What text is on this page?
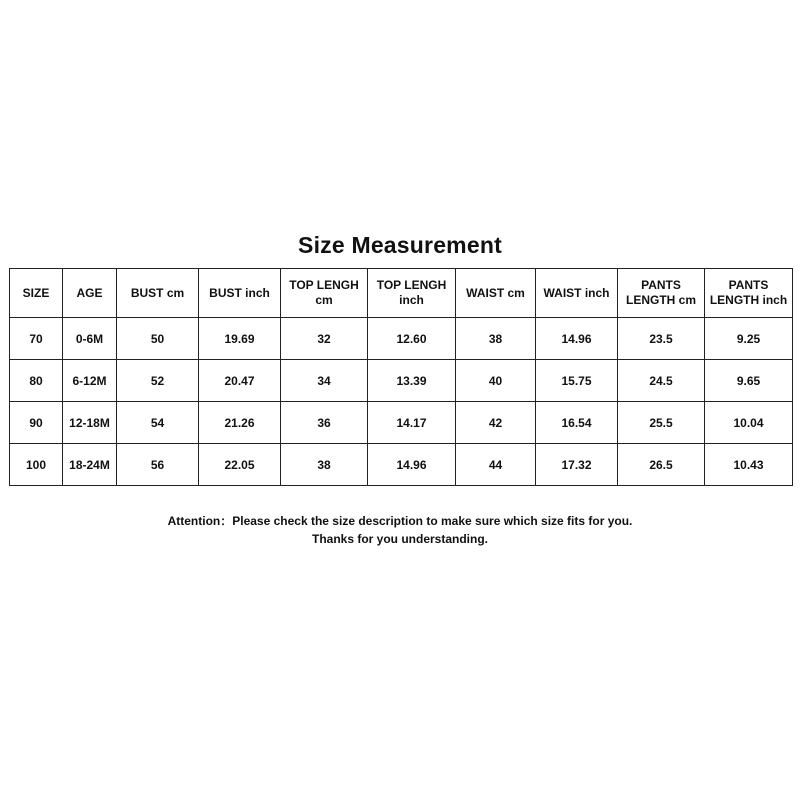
Size Measurement
SIZE	AGE	BUST cm	BUST inch	TOP LENGH cm	TOP LENGH inch	WAIST cm	WAIST inch	PANTS LENGTH cm	PANTS LENGTH inch
70	0-6M	50	19.69	32	12.60	38	14.96	23.5	9.25
80	6-12M	52	20.47	34	13.39	40	15.75	24.5	9.65
90	12-18M	54	21.26	36	14.17	42	16.54	25.5	10.04
100	18-24M	56	22.05	38	14.96	44	17.32	26.5	10.43
Attention：Please check the size description to make sure which size fits for you.
Thanks for you understanding.
